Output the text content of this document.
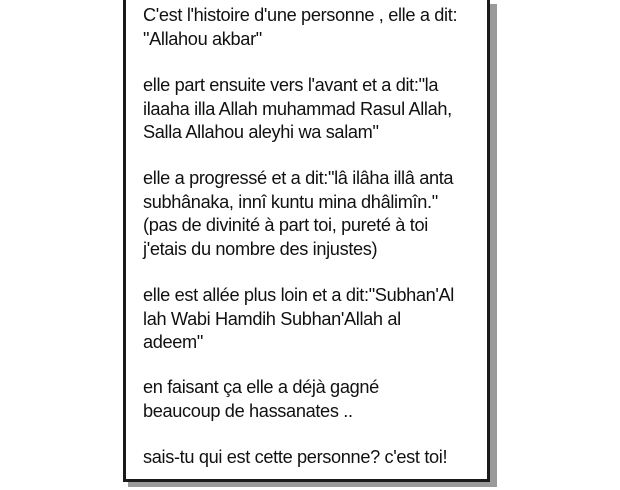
C'est l'histoire d'une personne , elle a dit:
"Allahou akbar"

elle part ensuite vers l'avant et a dit:"la
ilaaha illa Allah muhammad Rasul Allah,
Salla Allahou aleyhi wa salam"

elle a progressé et a dit:"lâ ilâha illâ anta
subhânaka, innî kuntu mina dhâlimîn."
(pas de divinité à part toi, pureté à toi
j'etais du nombre des injustes)

elle est allée plus loin et a dit:"Subhan'Al
lah Wabi Hamdih Subhan'Allah al
adeem"

en faisant ça elle a déjà gagné
beaucoup de hassanates ..

sais-tu qui est cette personne? c'est toi!
